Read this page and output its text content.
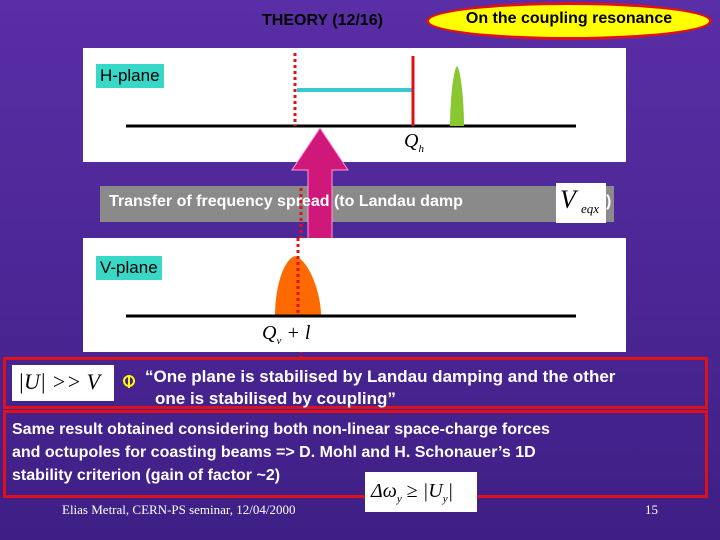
THEORY (12/16)	On the coupling resonance
H-plane
$Q_h$
Transfer of frequency spread (to Landau damp	V eqx )
V-plane
$Q_v + l$
|U| >> V	“One plane is stabilised by Landau damping and the other
one is stabilised by coupling”
Same result obtained considering both non-linear space-charge forces
and octupoles for coasting beams => D. Mohl and H. Schonauer’s 1D
stability criterion (gain of factor ~2)
$\Delta\omega_y \ge |U_y|$
Elias Metral, CERN-PS seminar, 12/04/2000	15
